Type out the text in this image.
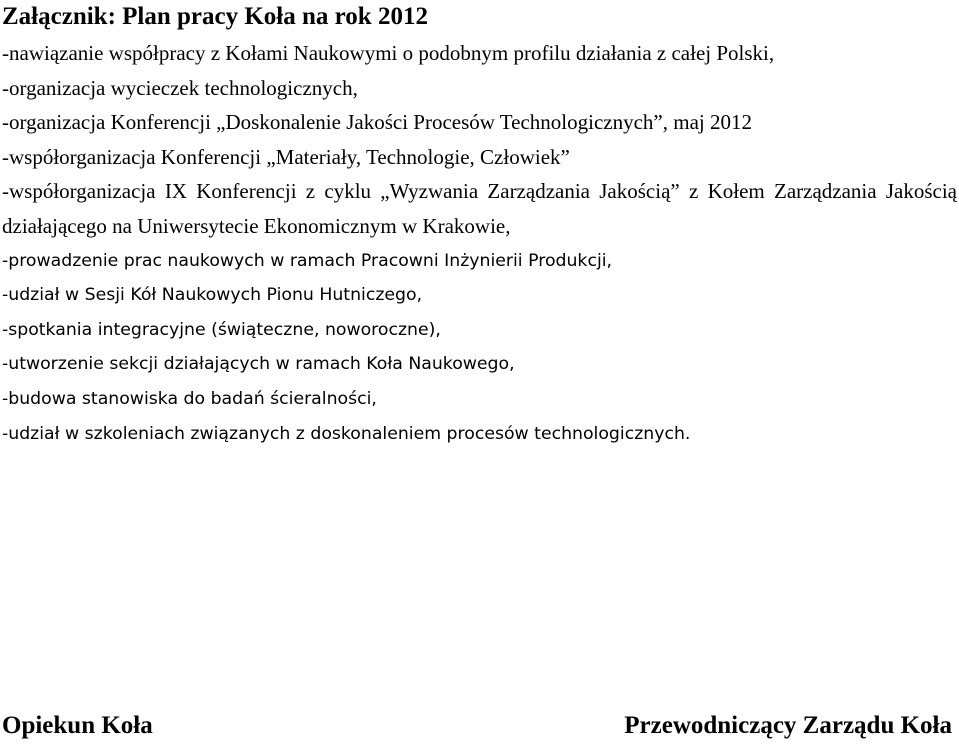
Załącznik: Plan pracy Koła na rok 2012
-nawiązanie współpracy z Kołami Naukowymi o podobnym profilu działania z całej Polski,
-organizacja wycieczek technologicznych,
-organizacja Konferencji „Doskonalenie Jakości Procesów Technologicznych”, maj 2012
-współorganizacja Konferencji „Materiały, Technologie, Człowiek”
-współorganizacja IX Konferencji z cyklu „Wyzwania Zarządzania Jakością” z Kołem Zarządzania Jakością działającego na Uniwersytecie Ekonomicznym w Krakowie,
-prowadzenie prac naukowych w ramach Pracowni Inżynierii Produkcji,
-udział w Sesji Kół Naukowych Pionu Hutniczego,
-spotkania integracyjne (świąteczne, noworoczne),
-utworzenie sekcji działających w ramach Koła Naukowego,
-budowa stanowiska do badań ścieralności,
-udział w szkoleniach związanych z doskonaleniem procesów technologicznych.
Opiekun Koła	Przewodniczący Zarządu Koła
